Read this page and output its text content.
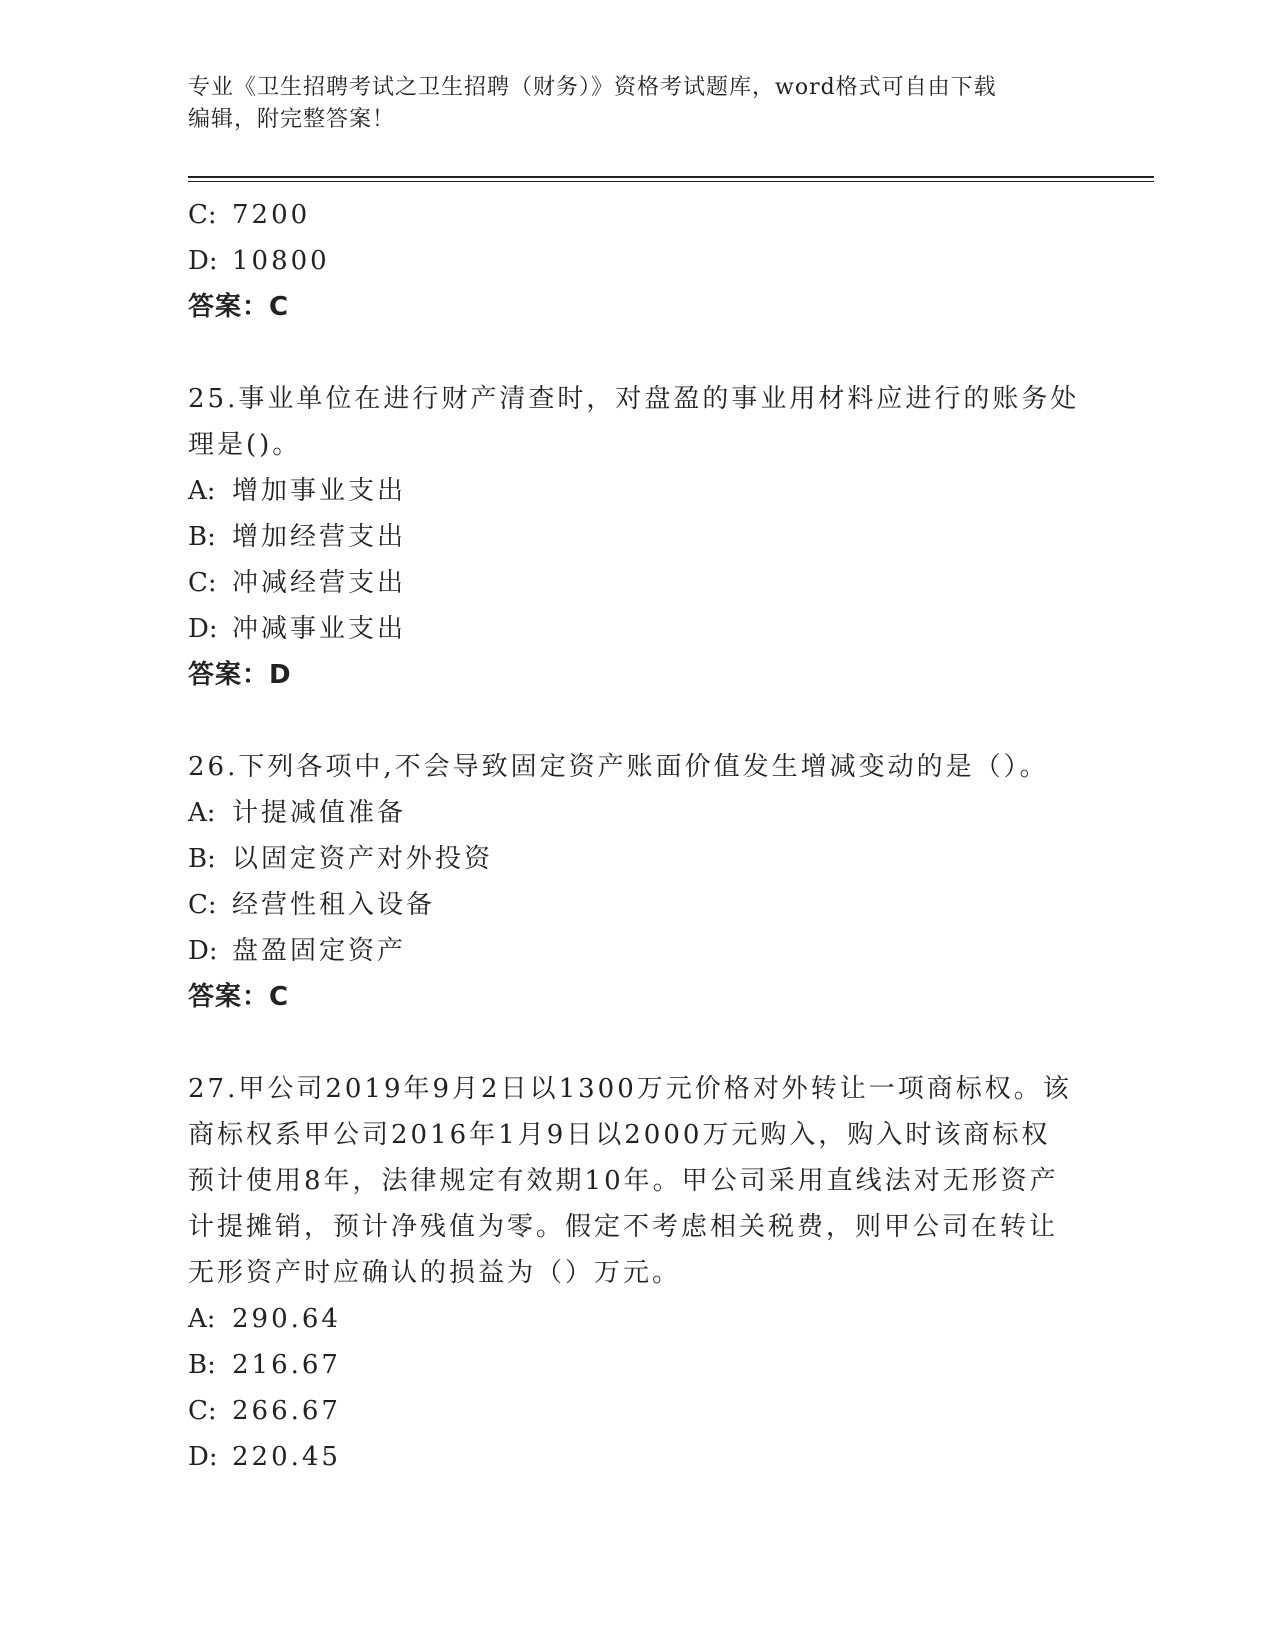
专业《卫生招聘考试之卫生招聘（财务）》资格考试题库，word格式可自由下载
编辑，附完整答案！
C: 7200
D: 10800
答案：C
25.事业单位在进行财产清查时，对盘盈的事业用材料应进行的账务处
理是()。
A: 增加事业支出
B: 增加经营支出
C: 冲减经营支出
D: 冲减事业支出
答案：D
26.下列各项中,不会导致固定资产账面价值发生增减变动的是（）。
A: 计提减值准备
B: 以固定资产对外投资
C: 经营性租入设备
D: 盘盈固定资产
答案：C
27.甲公司2019年9月2日以1300万元价格对外转让一项商标权。该
商标权系甲公司2016年1月9日以2000万元购入，购入时该商标权
预计使用8年，法律规定有效期10年。甲公司采用直线法对无形资产
计提摊销，预计净残值为零。假定不考虑相关税费，则甲公司在转让
无形资产时应确认的损益为（）万元。
A: 290.64
B: 216.67
C: 266.67
D: 220.45
